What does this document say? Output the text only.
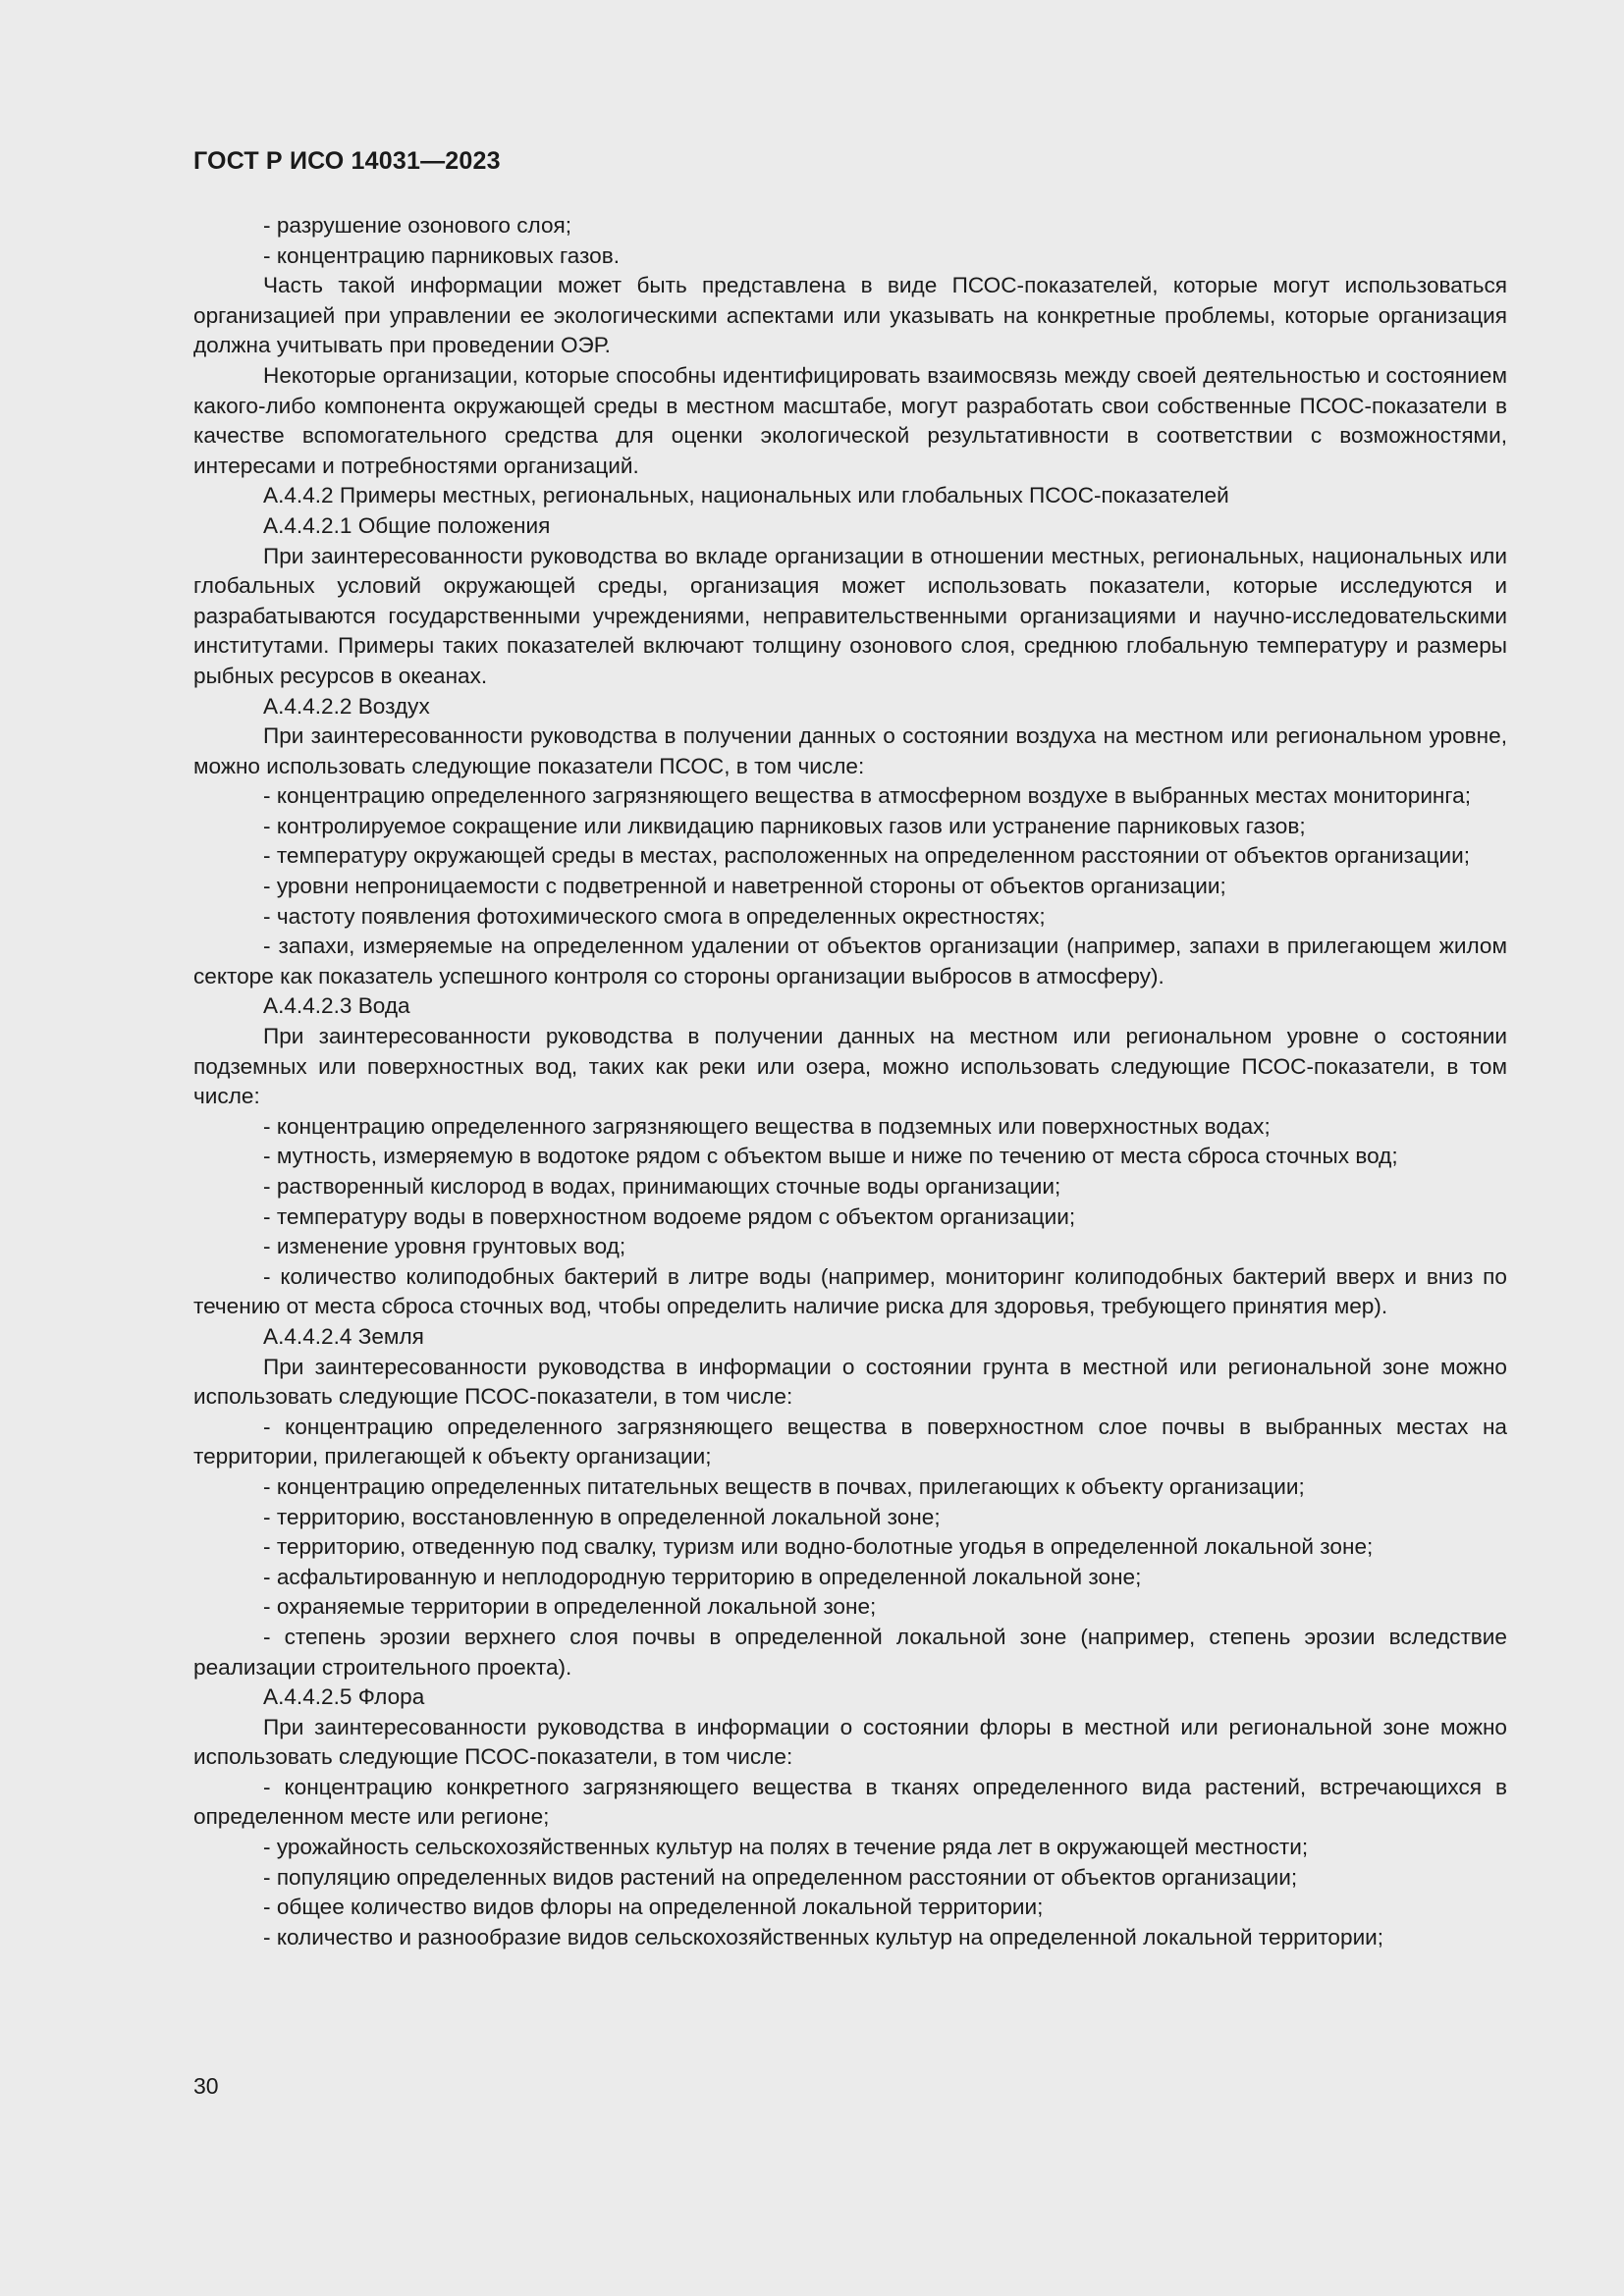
ГОСТ Р ИСО 14031—2023

- разрушение озонового слоя;

- концентрацию парниковых газов.

Часть такой информации может быть представлена в виде ПСОС-показателей, которые могут использоваться организацией при управлении ее экологическими аспектами или указывать на конкретные проблемы, которые организация должна учитывать при проведении ОЭР.

Некоторые организации, которые способны идентифицировать взаимосвязь между своей деятельностью и состоянием какого-либо компонента окружающей среды в местном масштабе, могут разработать свои собственные ПСОС-показатели в качестве вспомогательного средства для оценки экологической результативности в соответствии с возможностями, интересами и потребностями организаций.

А.4.4.2 Примеры местных, региональных, национальных или глобальных ПСОС-показателей

А.4.4.2.1 Общие положения

При заинтересованности руководства во вкладе организации в отношении местных, региональных, национальных или глобальных условий окружающей среды, организация может использовать показатели, которые исследуются и разрабатываются государственными учреждениями, неправительственными организациями и научно-исследовательскими институтами. Примеры таких показателей включают толщину озонового слоя, среднюю глобальную температуру и размеры рыбных ресурсов в океанах.

А.4.4.2.2 Воздух

При заинтересованности руководства в получении данных о состоянии воздуха на местном или региональном уровне, можно использовать следующие показатели ПСОС, в том числе:

- концентрацию определенного загрязняющего вещества в атмосферном воздухе в выбранных местах мониторинга;

- контролируемое сокращение или ликвидацию парниковых газов или устранение парниковых газов;

- температуру окружающей среды в местах, расположенных на определенном расстоянии от объектов организации;

- уровни непроницаемости с подветренной и наветренной стороны от объектов организации;

- частоту появления фотохимического смога в определенных окрестностях;

- запахи, измеряемые на определенном удалении от объектов организации (например, запахи в прилегающем жилом секторе как показатель успешного контроля со стороны организации выбросов в атмосферу).

А.4.4.2.3 Вода

При заинтересованности руководства в получении данных на местном или региональном уровне о состоянии подземных или поверхностных вод, таких как реки или озера, можно использовать следующие ПСОС-показатели, в том числе:

- концентрацию определенного загрязняющего вещества в подземных или поверхностных водах;

- мутность, измеряемую в водотоке рядом с объектом выше и ниже по течению от места сброса сточных вод;

- растворенный кислород в водах, принимающих сточные воды организации;

- температуру воды в поверхностном водоеме рядом с объектом организации;

- изменение уровня грунтовых вод;

- количество колиподобных бактерий в литре воды (например, мониторинг колиподобных бактерий вверх и вниз по течению от места сброса сточных вод, чтобы определить наличие риска для здоровья, требующего принятия мер).

А.4.4.2.4 Земля

При заинтересованности руководства в информации о состоянии грунта в местной или региональной зоне можно использовать следующие ПСОС-показатели, в том числе:

- концентрацию определенного загрязняющего вещества в поверхностном слое почвы в выбранных местах на территории, прилегающей к объекту организации;

- концентрацию определенных питательных веществ в почвах, прилегающих к объекту организации;

- территорию, восстановленную в определенной локальной зоне;

- территорию, отведенную под свалку, туризм или водно-болотные угодья в определенной локальной зоне;

- асфальтированную и неплодородную территорию в определенной локальной зоне;

- охраняемые территории в определенной локальной зоне;

- степень эрозии верхнего слоя почвы в определенной локальной зоне (например, степень эрозии вследствие реализации строительного проекта).

А.4.4.2.5 Флора

При заинтересованности руководства в информации о состоянии флоры в местной или региональной зоне можно использовать следующие ПСОС-показатели, в том числе:

- концентрацию конкретного загрязняющего вещества в тканях определенного вида растений, встречающихся в определенном месте или регионе;

- урожайность сельскохозяйственных культур на полях в течение ряда лет в окружающей местности;

- популяцию определенных видов растений на определенном расстоянии от объектов организации;

- общее количество видов флоры на определенной локальной территории;

- количество и разнообразие видов сельскохозяйственных культур на определенной локальной территории;

30
